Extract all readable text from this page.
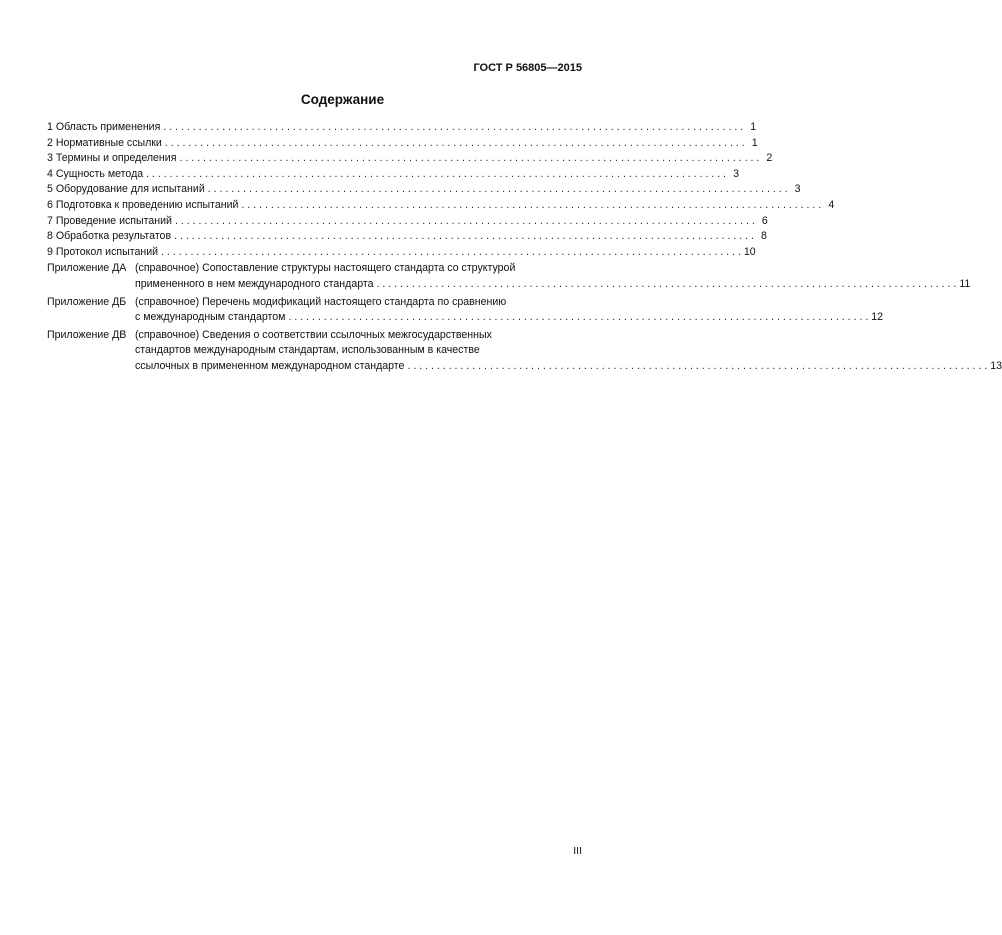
ГОСТ Р 56805—2015
Содержание
1 Область применения . . .	1
2 Нормативные ссылки . . .	1
3 Термины и определения . . .	2
4 Сущность метода . . .	3
5 Оборудование для испытаний . . .	3
6 Подготовка к проведению испытаний . . .	4
7 Проведение испытаний . . .	6
8 Обработка результатов . . .	8
9 Протокол испытаний . . .	10
Приложение ДА (справочное) Сопоставление структуры настоящего стандарта со структурой
примененного в нем международного стандарта . . .	11
Приложение ДБ (справочное) Перечень модификаций настоящего стандарта по сравнению
с международным стандартом . . .	12
Приложение ДВ (справочное) Сведения о соответствии ссылочных межгосударственных
стандартов международным стандартам, использованным в качестве
ссылочных в примененном международном стандарте . . .	13
III
